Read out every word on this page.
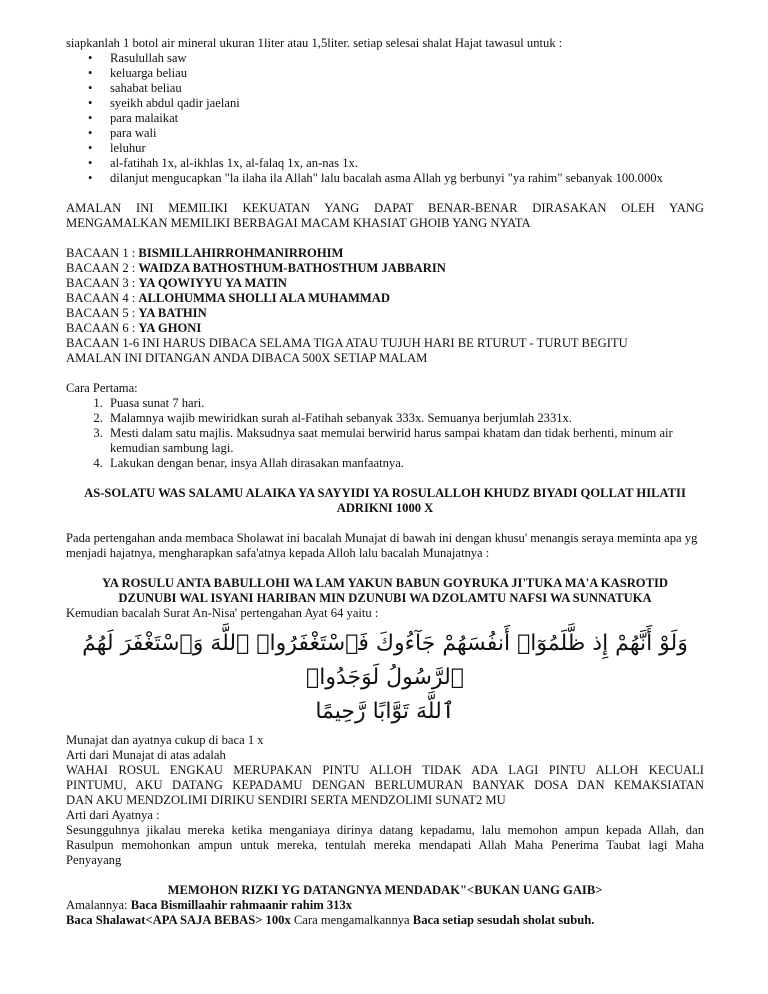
siapkanlah 1 botol air mineral ukuran 1liter atau 1,5liter. setiap selesai shalat Hajat tawasul untuk :

• Rasulullah saw
• keluarga beliau
• sahabat beliau
• syeikh abdul qadir jaelani
• para malaikat
• para wali
• leluhur
• al-fatihah 1x, al-ikhlas 1x, al-falaq 1x, an-nas 1x.
• dilanjut mengucapkan "la ilaha ila Allah" lalu bacalah asma Allah yg berbunyi "ya rahim" sebanyak 100.000x

AMALAN INI MEMILIKI KEKUATAN YANG DAPAT BENAR-BENAR DIRASAKAN OLEH YANG

MENGAMALKAN MEMILIKI BERBAGAI MACAM KHASIAT GHOIB YANG NYATA

BACAAN 1 : BISMILLAHIRROHMANIRROHIM

BACAAN 2 : WAIDZA BATHOSTHUM-BATHOSTHUM JABBARIN

BACAAN 3 : YA QOWIYYU YA MATIN

BACAAN 4 : ALLOHUMMA SHOLLI ALA MUHAMMAD

BACAAN 5 : YA BATHIN

BACAAN 6 : YA GHONI

BACAAN 1-6 INI HARUS DIBACA SELAMA TIGA ATAU TUJUH HARI BE RTURUT - TURUT BEGITU

AMALAN INI DITANGAN ANDA DIBACA 500X SETIAP MALAM

Cara Pertama:

1. Puasa sunat 7 hari.
2. Malamnya wajib mewiridkan surah al-Fatihah sebanyak 333x. Semuanya berjumlah 2331x.
3. Mesti dalam satu majlis. Maksudnya saat memulai berwirid harus sampai khatam dan tidak berhenti, minum air kemudian sambung lagi.
4. Lakukan dengan benar, insya Allah dirasakan manfaatnya.

AS-SOLATU WAS SALAMU ALAIKA YA SAYYIDI YA ROSULALLOH KHUDZ BIYADI QOLLAT HILATII

ADRIKNI 1000 X

Pada pertengahan anda membaca Sholawat ini bacalah Munajat di bawah ini dengan khusu' menangis seraya meminta apa yg menjadi hajatnya, mengharapkan safa'atnya kepada Alloh lalu bacalah Munajatnya :

YA ROSULU ANTA BABULLOHI WA LAM YAKUN BABUN GOYRUKA JI'TUKA MA'A KASROTID

DZUNUBI WAL ISYANI HARIBAN MIN DZUNUBI WA DZOLAMTU NAFSI WA SUNNATUKA

Kemudian bacalah Surat An-Nisa' pertengahan Ayat 64 yaitu :

وَلَوْ أَنَّهُمْ إِذ ظَّلَمُوٓا۟ أَنفُسَهُمْ جَآءُوكَ فَٱسْتَغْفَرُوا۟ ٱللَّهَ وَٱسْتَغْفَرَ لَهُمُ ٱلرَّسُولُ لَوَجَدُوا۟
ٱللَّهَ تَوَّابًا رَّحِيمًا

Munajat dan ayatnya cukup di baca 1 x

Arti dari Munajat di atas adalah

WAHAI ROSUL ENGKAU MERUPAKAN PINTU ALLOH TIDAK ADA LAGI PINTU ALLOH KECUALI

PINTUMU, AKU DATANG KEPADAMU DENGAN BERLUMURAN BANYAK DOSA DAN KEMAKSIATAN

DAN AKU MENDZOLIMI DIRIKU SENDIRI SERTA MENDZOLIMI SUNAT2 MU

Arti dari Ayatnya :

Sesungguhnya jikalau mereka ketika menganiaya dirinya datang kepadamu, lalu memohon ampun kepada Allah, dan

Rasulpun memohonkan ampun untuk mereka, tentulah mereka mendapati Allah Maha Penerima Taubat lagi Maha

Penyayang

MEMOHON RIZKI YG DATANGNYA MENDADAK"<BUKAN UANG GAIB>

Amalannya: Baca Bismillaahir rahmaanir rahim 313x

Baca Shalawat<APA SAJA BEBAS> 100x Cara mengamalkannya Baca setiap sesudah sholat subuh.
